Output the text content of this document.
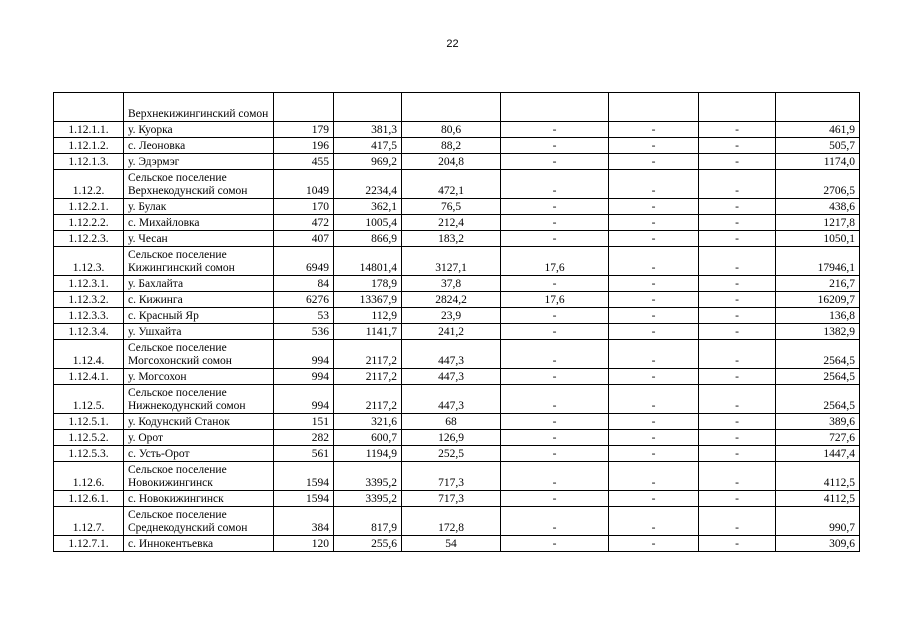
22
	Верхнекижингинский сомон							
1.12.1.1.	у. Куорка	179	381,3	80,6	-	-	-	461,9
1.12.1.2.	с. Леоновка	196	417,5	88,2	-	-	-	505,7
1.12.1.3.	у. Эдэрмэг	455	969,2	204,8	-	-	-	1174,0
1.12.2.	Сельское поселение Верхнекодунский сомон	1049	2234,4	472,1	-	-	-	2706,5
1.12.2.1.	у. Булак	170	362,1	76,5	-	-	-	438,6
1.12.2.2.	с. Михайловка	472	1005,4	212,4	-	-	-	1217,8
1.12.2.3.	у. Чесан	407	866,9	183,2	-	-	-	1050,1
1.12.3.	Сельское поселение Кижингинский сомон	6949	14801,4	3127,1	17,6	-	-	17946,1
1.12.3.1.	у. Бахлайта	84	178,9	37,8	-	-	-	216,7
1.12.3.2.	с. Кижинга	6276	13367,9	2824,2	17,6	-	-	16209,7
1.12.3.3.	с. Красный Яр	53	112,9	23,9	-	-	-	136,8
1.12.3.4.	у. Ушхайта	536	1141,7	241,2	-	-	-	1382,9
1.12.4.	Сельское поселение Могсохонский сомон	994	2117,2	447,3	-	-	-	2564,5
1.12.4.1.	у. Могсохон	994	2117,2	447,3	-	-	-	2564,5
1.12.5.	Сельское поселение Нижнекодунский сомон	994	2117,2	447,3	-	-	-	2564,5
1.12.5.1.	у. Кодунский Станок	151	321,6	68	-	-	-	389,6
1.12.5.2.	у. Орот	282	600,7	126,9	-	-	-	727,6
1.12.5.3.	с. Усть-Орот	561	1194,9	252,5	-	-	-	1447,4
1.12.6.	Сельское поселение Новокижингинск	1594	3395,2	717,3	-	-	-	4112,5
1.12.6.1.	с. Новокижингинск	1594	3395,2	717,3	-	-	-	4112,5
1.12.7.	Сельское поселение Среднекодунский сомон	384	817,9	172,8	-	-	-	990,7
1.12.7.1.	с. Иннокентьевка	120	255,6	54	-	-	-	309,6
